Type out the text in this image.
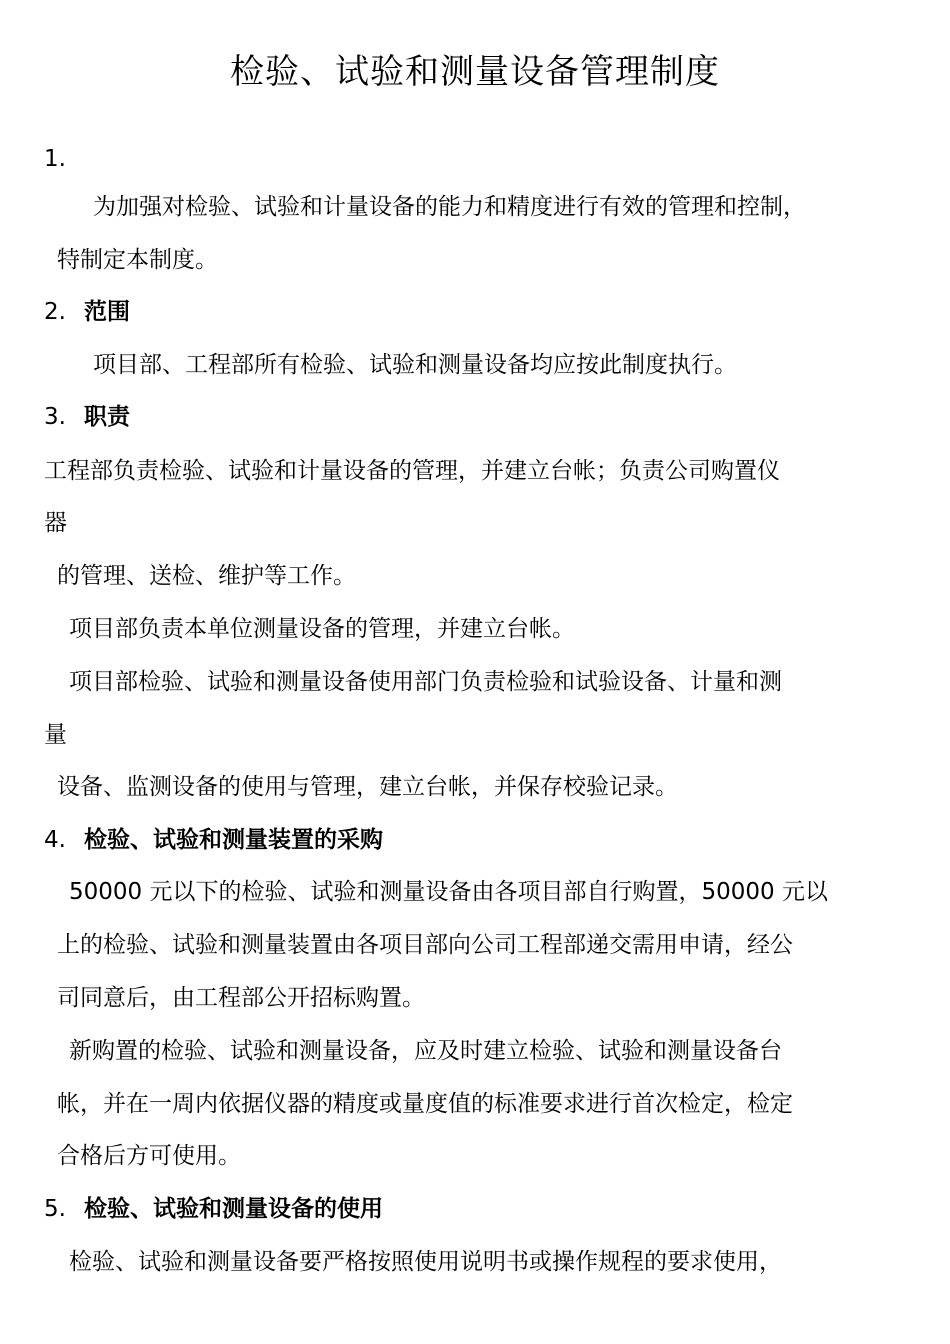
检验、试验和测量设备管理制度
1.
为加强对检验、试验和计量设备的能力和精度进行有效的管理和控制，
特制定本制度。
2. 范围
项目部、工程部所有检验、试验和测量设备均应按此制度执行。
3. 职责
工程部负责检验、试验和计量设备的管理，并建立台帐；负责公司购置仪
器
的管理、送检、维护等工作。
项目部负责本单位测量设备的管理，并建立台帐。
项目部检验、试验和测量设备使用部门负责检验和试验设备、计量和测
量
设备、监测设备的使用与管理，建立台帐，并保存校验记录。
4. 检验、试验和测量装置的采购
50000 元以下的检验、试验和测量设备由各项目部自行购置，50000 元以
上的检验、试验和测量装置由各项目部向公司工程部递交需用申请，经公
司同意后，由工程部公开招标购置。
新购置的检验、试验和测量设备，应及时建立检验、试验和测量设备台
帐，并在一周内依据仪器的精度或量度值的标准要求进行首次检定，检定
合格后方可使用。
5. 检验、试验和测量设备的使用
检验、试验和测量设备要严格按照使用说明书或操作规程的要求使用，
